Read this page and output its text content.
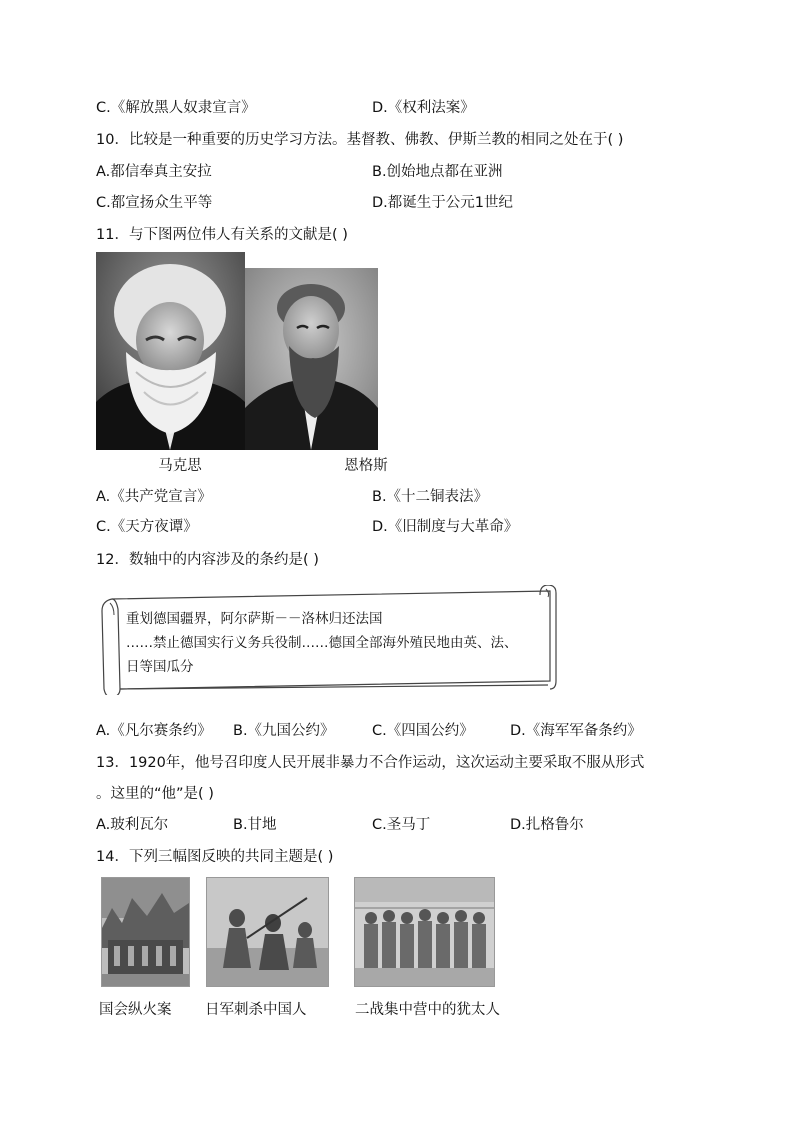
C.《解放黑人奴隶宣言》	D.《权利法案》
10．比较是一种重要的历史学习方法。基督教、佛教、伊斯兰教的相同之处在于( )
A.都信奉真主安拉	B.创始地点都在亚洲
C.都宣扬众生平等	D.都诞生于公元1世纪
11．与下图两位伟人有关系的文献是( )
马克思	恩格斯
A.《共产党宣言》	B.《十二铜表法》
C.《天方夜谭》	D.《旧制度与大革命》
12．数轴中的内容涉及的条约是( )
重划德国疆界，阿尔萨斯－－洛林归还法国
……禁止德国实行义务兵役制……德国全部海外殖民地由英、法、
日等国瓜分
A.《凡尔赛条约》 B.《九国公约》	C.《四国公约》	D.《海军军备条约》
13．1920年，他号召印度人民开展非暴力不合作运动，这次运动主要采取不服从形式
。这里的“他”是( )
A.玻利瓦尔	B.甘地	C.圣马丁	D.扎格鲁尔
14．下列三幅图反映的共同主题是( )
国会纵火案 日军刺杀中国人	二战集中营中的犹太人
